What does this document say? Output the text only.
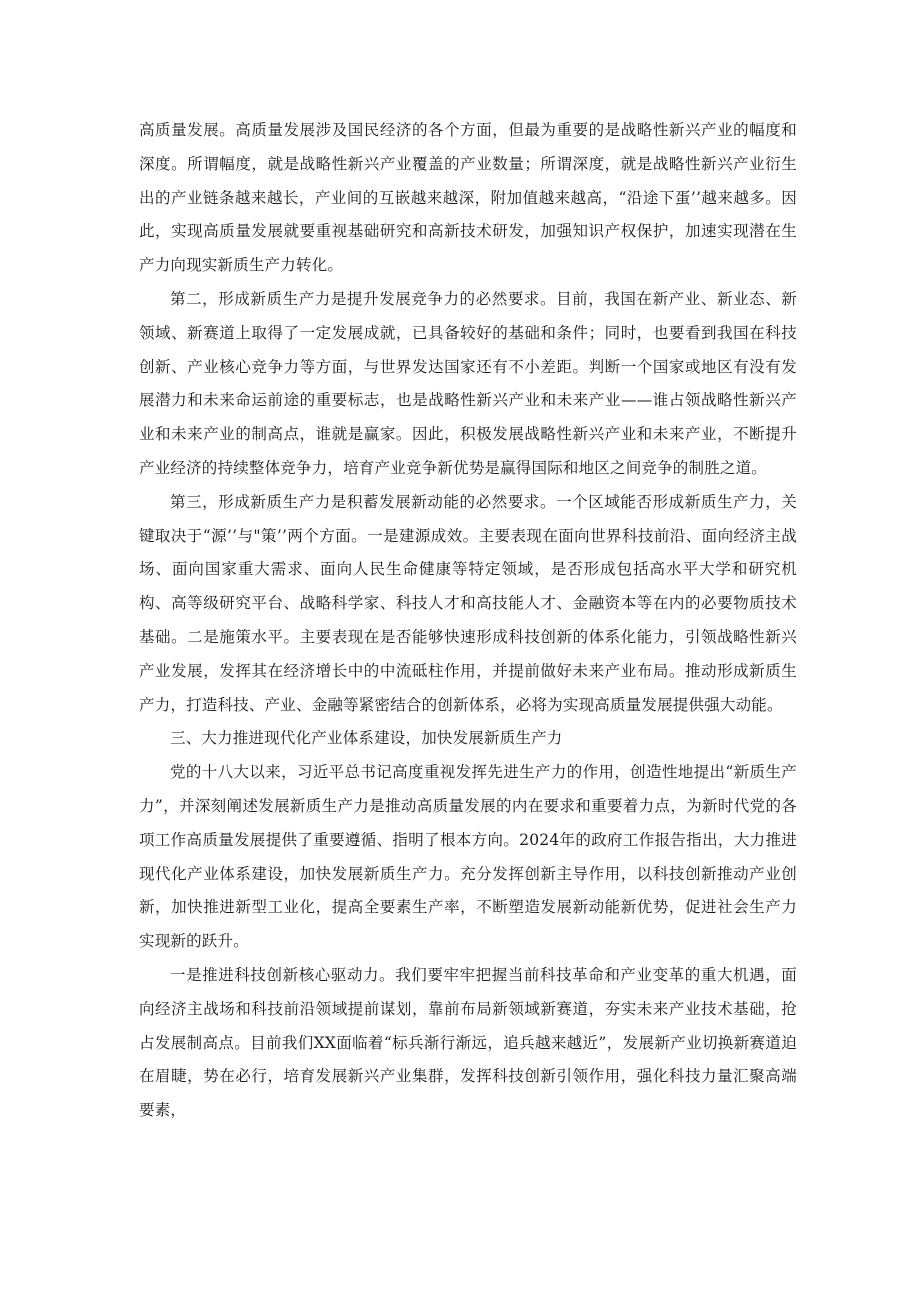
高质量发展。高质量发展涉及国民经济的各个方面，但最为重要的是战略性新兴产业的幅度和深度。所谓幅度，就是战略性新兴产业覆盖的产业数量；所谓深度，就是战略性新兴产业衍生出的产业链条越来越长，产业间的互嵌越来越深，附加值越来越高，“沿途下蛋’’越来越多。因此，实现高质量发展就要重视基础研究和高新技术研发，加强知识产权保护，加速实现潜在生产力向现实新质生产力转化。

第二，形成新质生产力是提升发展竞争力的必然要求。目前，我国在新产业、新业态、新领域、新赛道上取得了一定发展成就，已具备较好的基础和条件；同时，也要看到我国在科技创新、产业核心竞争力等方面，与世界发达国家还有不小差距。判断一个国家或地区有没有发展潜力和未来命运前途的重要标志，也是战略性新兴产业和未来产业——谁占领战略性新兴产业和未来产业的制高点，谁就是赢家。因此，积极发展战略性新兴产业和未来产业，不断提升产业经济的持续整体竞争力，培育产业竞争新优势是赢得国际和地区之间竞争的制胜之道。

第三，形成新质生产力是积蓄发展新动能的必然要求。一个区域能否形成新质生产力，关键取决于“源’’与"策’’两个方面。一是建源成效。主要表现在面向世界科技前沿、面向经济主战场、面向国家重大需求、面向人民生命健康等特定领域，是否形成包括高水平大学和研究机构、高等级研究平台、战略科学家、科技人才和高技能人才、金融资本等在内的必要物质技术基础。二是施策水平。主要表现在是否能够快速形成科技创新的体系化能力，引领战略性新兴产业发展，发挥其在经济增长中的中流砥柱作用，并提前做好未来产业布局。推动形成新质生产力，打造科技、产业、金融等紧密结合的创新体系，必将为实现高质量发展提供强大动能。

三、大力推进现代化产业体系建设，加快发展新质生产力

党的十八大以来，习近平总书记高度重视发挥先进生产力的作用，创造性地提出“新质生产力”，并深刻阐述发展新质生产力是推动高质量发展的内在要求和重要着力点，为新时代党的各项工作高质量发展提供了重要遵循、指明了根本方向。2024年的政府工作报告指出，大力推进现代化产业体系建设，加快发展新质生产力。充分发挥创新主导作用，以科技创新推动产业创新，加快推进新型工业化，提高全要素生产率，不断塑造发展新动能新优势，促进社会生产力实现新的跃升。

一是推进科技创新核心驱动力。我们要牢牢把握当前科技革命和产业变革的重大机遇，面向经济主战场和科技前沿领域提前谋划，靠前布局新领域新赛道，夯实未来产业技术基础，抢占发展制高点。目前我们XX面临着“标兵渐行渐远，追兵越来越近”，发展新产业切换新赛道迫在眉睫，势在必行，培育发展新兴产业集群，发挥科技创新引领作用，强化科技力量汇聚高端要素，
